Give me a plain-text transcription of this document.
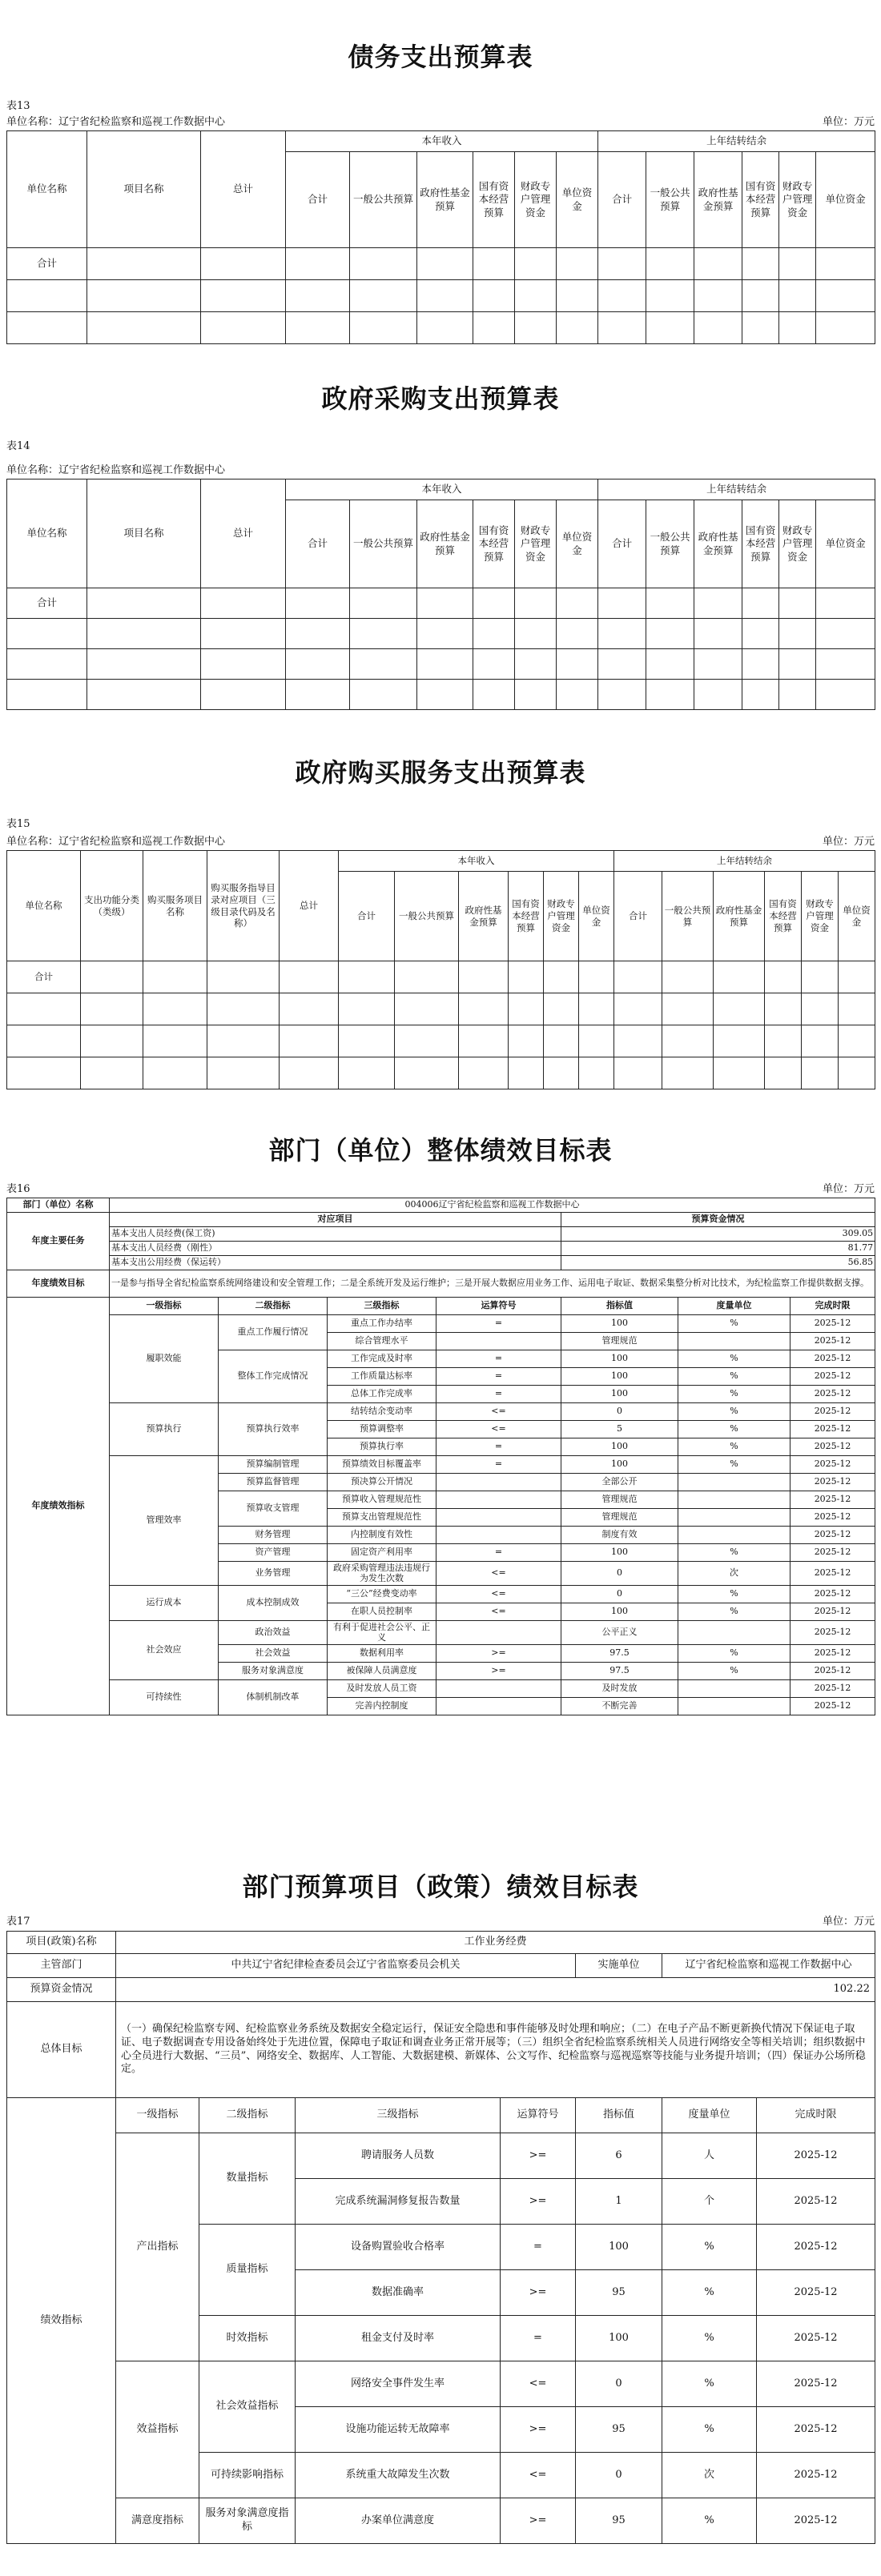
债务支出预算表
表13
单位名称：辽宁省纪检监察和巡视工作数据中心	单位：万元
单位名称	项目名称	总计	本年收入						上年结转结余					
			合计	一般公共预算	政府性基金预算	国有资本经营预算	财政专户管理资金	单位资金	合计	一般公共预算	政府性基金预算	国有资本经营预算	财政专户管理资金	单位资金
合计														

政府采购支出预算表
表14
单位名称：辽宁省纪检监察和巡视工作数据中心
单位名称	项目名称	总计	本年收入						上年结转结余					
			合计	一般公共预算	政府性基金预算	国有资本经营预算	财政专户管理资金	单位资金	合计	一般公共预算	政府性基金预算	国有资本经营预算	财政专户管理资金	单位资金
合计														

政府购买服务支出预算表
表15
单位名称：辽宁省纪检监察和巡视工作数据中心	单位：万元
单位名称	支出功能分类（类级）	购买服务项目名称	购买服务指导目录对应项目（三级目录代码及名称）	总计	本年收入						上年结转结余					
					合计	一般公共预算	政府性基金预算	国有资本经营预算	财政专户管理资金	单位资金	合计	一般公共预算	政府性基金预算	国有资本经营预算	财政专户管理资金	单位资金
合计																

部门（单位）整体绩效目标表
表16	单位：万元
部门（单位）名称	004006辽宁省纪检监察和巡视工作数据中心						
年度主要任务	对应项目				预算资金情况		
	基本支出人员经费(保工资)				309.05		
	基本支出人员经费（刚性）				81.77		
	基本支出公用经费（保运转）				56.85		
年度绩效目标	一是参与指导全省纪检监察系统网络建设和安全管理工作；二是全系统开发及运行维护；三是开展大数据应用业务工作、运用电子取证、数据采集整分析对比技术，为纪检监察工作提供数据支撑。						
年度绩效指标	一级指标	二级指标	三级指标	运算符号	指标值	度量单位	完成时限
	履职效能	重点工作履行情况	重点工作办结率	=	100	%	2025-12
			综合管理水平		管理规范		2025-12
		整体工作完成情况	工作完成及时率	=	100	%	2025-12
			工作质量达标率	=	100	%	2025-12
			总体工作完成率	=	100	%	2025-12
	预算执行	预算执行效率	结转结余变动率	<=	0	%	2025-12
			预算调整率	<=	5	%	2025-12
			预算执行率	=	100	%	2025-12
	管理效率	预算编制管理	预算绩效目标覆盖率	=	100	%	2025-12
		预算监督管理	预决算公开情况		全部公开		2025-12
		预算收支管理	预算收入管理规范性		管理规范		2025-12
			预算支出管理规范性		管理规范		2025-12
		财务管理	内控制度有效性		制度有效		2025-12
		资产管理	固定资产利用率	=	100	%	2025-12
		业务管理	政府采购管理违法违规行为发生次数	<=	0	次	2025-12
	运行成本	成本控制成效	“三公”经费变动率	<=	0	%	2025-12
			在职人员控制率	<=	100	%	2025-12
	社会效应	政治效益	有利于促进社会公平、正义		公平正义		2025-12
		社会效益	数据利用率	>=	97.5	%	2025-12
		服务对象满意度	被保障人员满意度	>=	97.5	%	2025-12
	可持续性	体制机制改革	及时发放人员工资		及时发放		2025-12
			完善内控制度		不断完善		2025-12
部门预算项目（政策）绩效目标表
表17	单位：万元
项目(政策)名称	工作业务经费						
主管部门	中共辽宁省纪律检查委员会辽宁省监察委员会机关				实施单位	辽宁省纪检监察和巡视工作数据中心	
预算资金情况	102.22						
总体目标	（一）确保纪检监察专网、纪检监察业务系统及数据安全稳定运行，保证安全隐患和事件能够及时处理和响应；（二）在电子产品不断更新换代情况下保证电子取证、电子数据调查专用设备始终处于先进位置，保障电子取证和调查业务正常开展等；（三）组织全省纪检监察系统相关人员进行网络安全等相关培训；组织数据中心全员进行大数据、“三员”、网络安全、数据库、人工智能、大数据建模、新媒体、公文写作、纪检监察与巡视巡察等技能与业务提升培训；（四）保证办公场所稳定。						
绩效指标	一级指标	二级指标	三级指标	运算符号	指标值	度量单位	完成时限
	产出指标	数量指标	聘请服务人员数	>=	6	人	2025-12
			完成系统漏洞修复报告数量	>=	1	个	2025-12
		质量指标	设备购置验收合格率	=	100	%	2025-12
			数据准确率	>=	95	%	2025-12
		时效指标	租金支付及时率	=	100	%	2025-12
	效益指标	社会效益指标	网络安全事件发生率	<=	0	%	2025-12
			设施功能运转无故障率	>=	95	%	2025-12
		可持续影响指标	系统重大故障发生次数	<=	0	次	2025-12
	满意度指标	服务对象满意度指标	办案单位满意度	>=	95	%	2025-12
